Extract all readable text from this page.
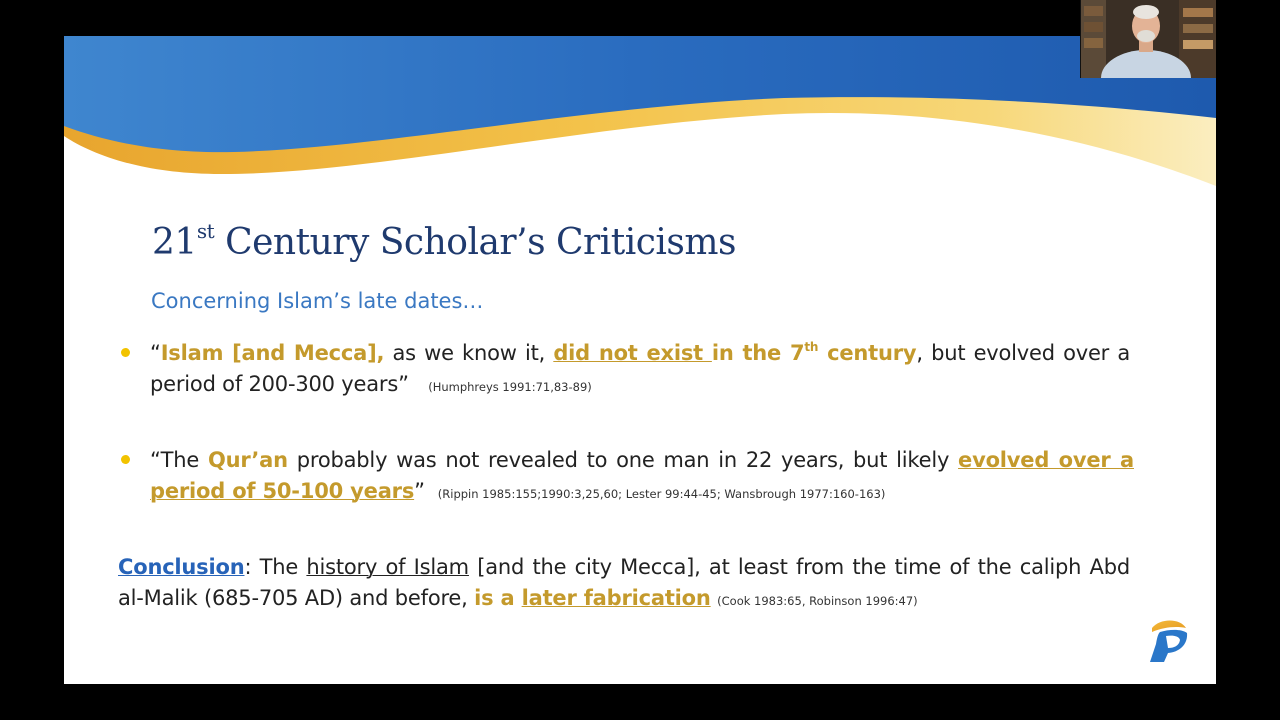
21st Century Scholar’s Criticisms
Concerning Islam’s late dates…
“Islam [and Mecca], as we know it, did not exist in the 7th century, but evolved over a period of 200-300 years” (Humphreys 1991:71,83-89)
“The Qur’an probably was not revealed to one man in 22 years, but likely evolved over a period of 50-100 years” (Rippin 1985:155;1990:3,25,60; Lester 99:44-45; Wansbrough 1977:160-163)
Conclusion: The history of Islam [and the city Mecca], at least from the time of the caliph Abd al-Malik (685-705 AD) and before, is a later fabrication (Cook 1983:65, Robinson 1996:47)
